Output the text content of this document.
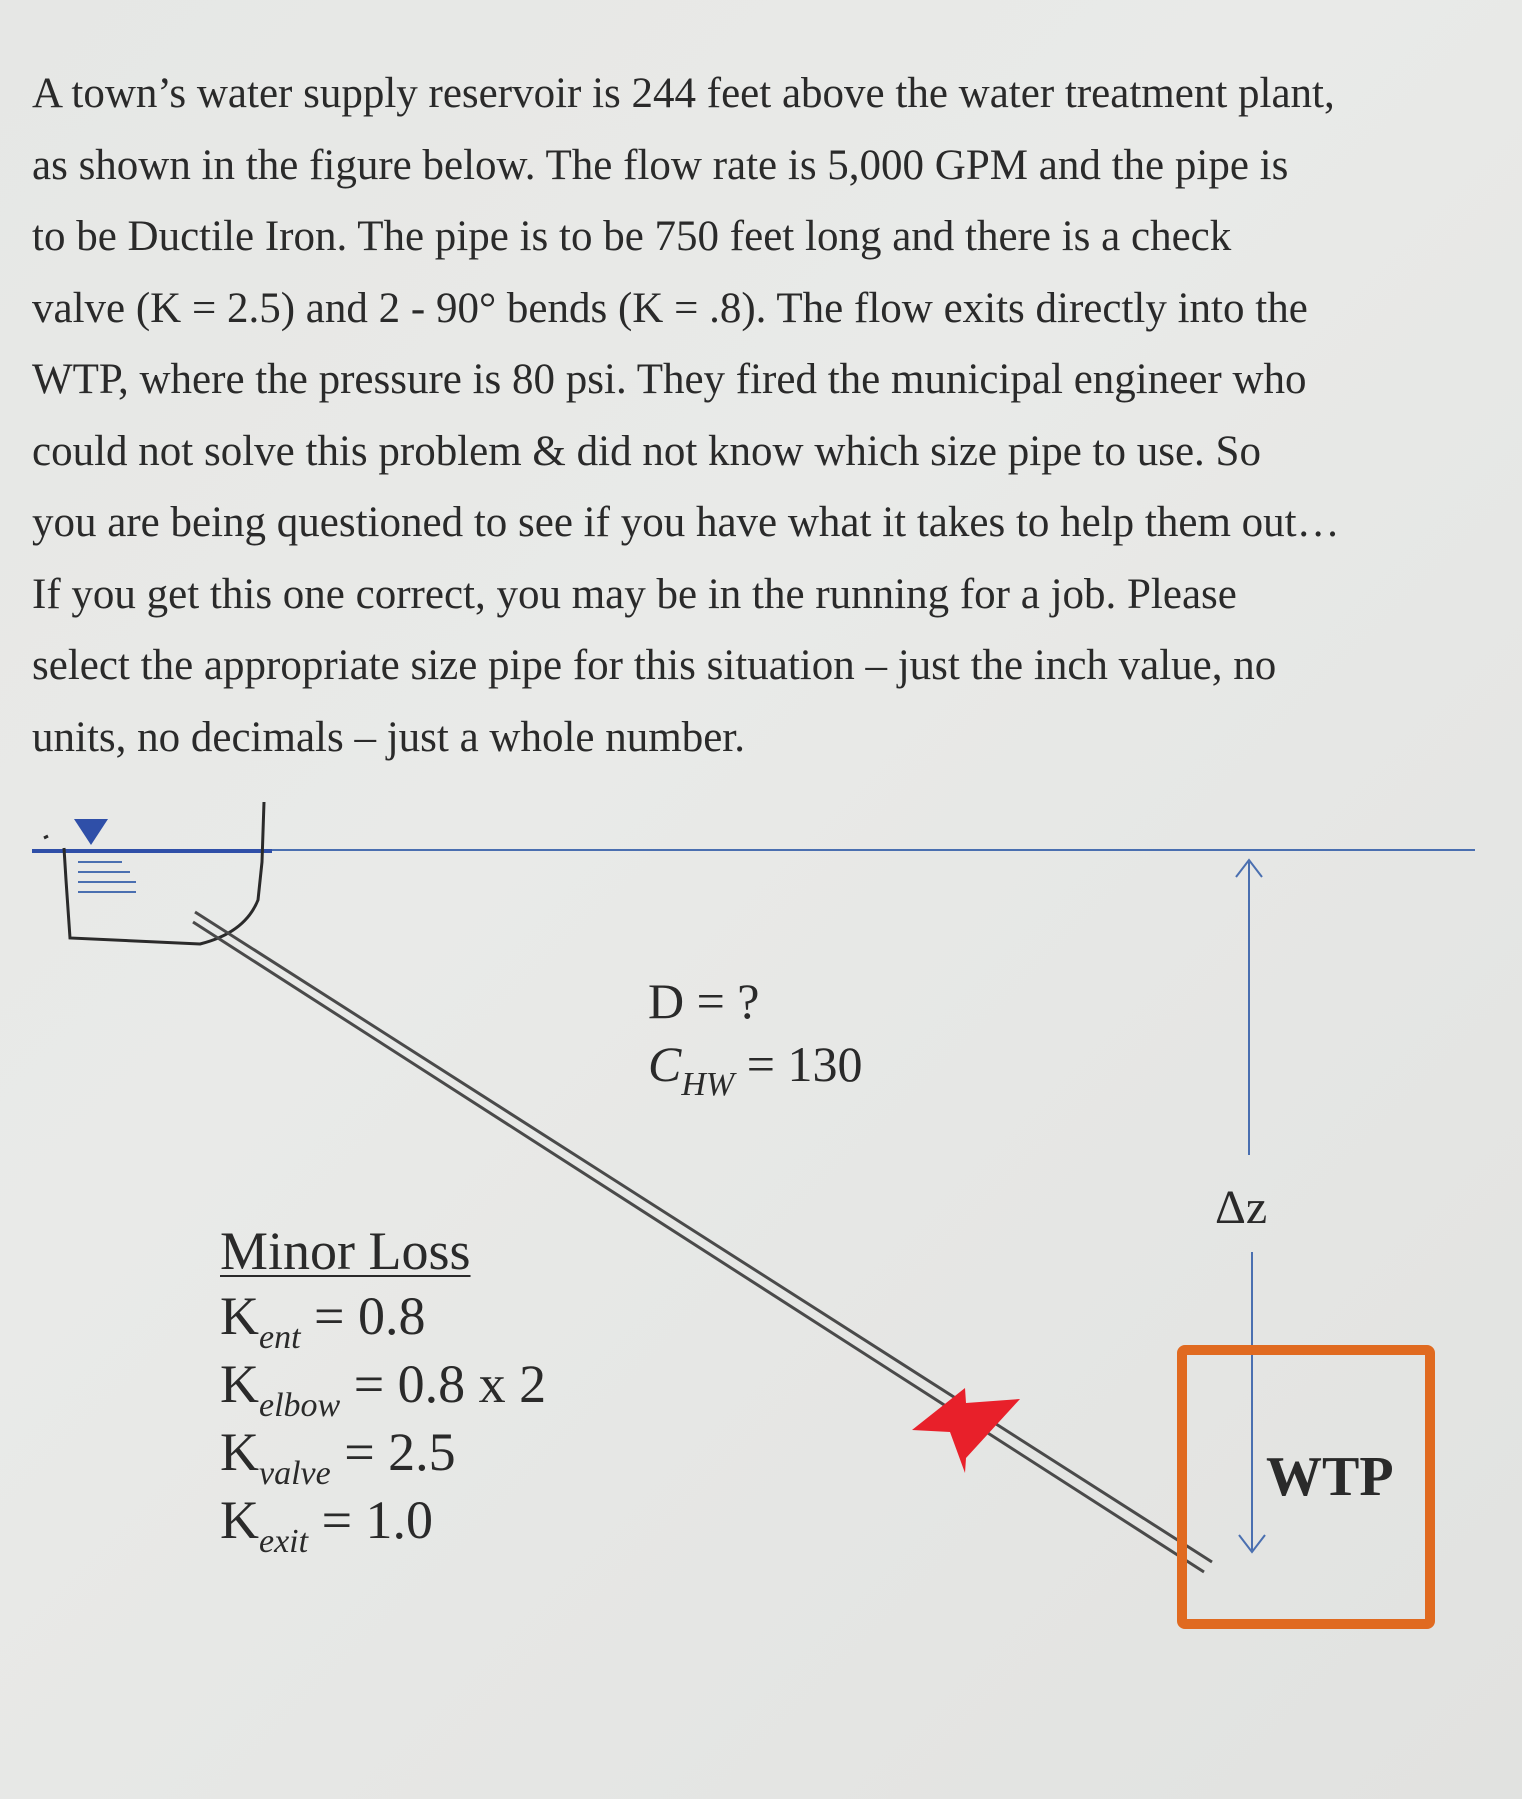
A town’s water supply reservoir is 244 feet above the water treatment plant,
as shown in the figure below. The flow rate is 5,000 GPM and the pipe is
to be Ductile Iron. The pipe is to be 750 feet long and there is a check
valve (K = 2.5) and 2 - 90° bends (K = .8). The flow exits directly into the
WTP, where the pressure is 80 psi. They fired the municipal engineer who
could not solve this problem & did not know which size pipe to use. So
you are being questioned to see if you have what it takes to help them out…
If you get this one correct, you may be in the running for a job. Please
select the appropriate size pipe for this situation – just the inch value, no
units, no decimals – just a whole number.
D = ?
$C_{HW} = 130$
Δz
Minor Loss
$K_{ent} = 0.8$
$K_{elbow} = 0.8$ x 2
$K_{valve} = 2.5$
$K_{exit} = 1.0$
WTP
